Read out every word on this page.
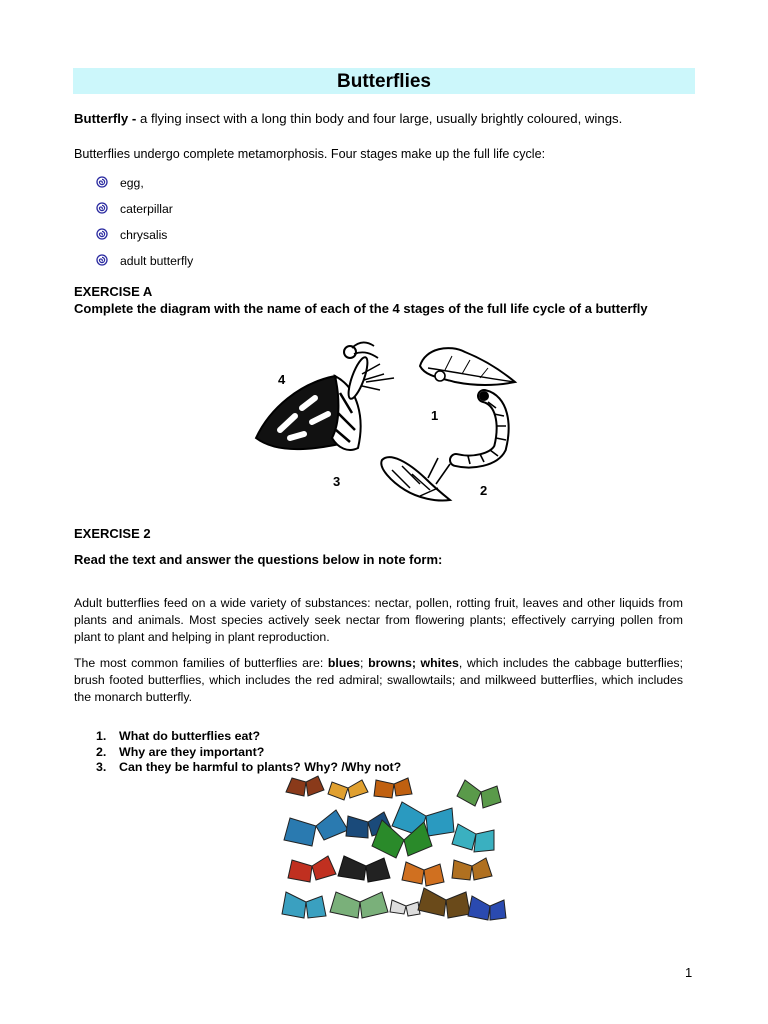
Butterflies
Butterfly - a flying insect with a long thin body and four large, usually brightly coloured, wings.
Butterflies undergo complete metamorphosis. Four stages make up the full life cycle:
egg,
caterpillar
chrysalis
adult butterfly
EXERCISE A
Complete the diagram with the name of each of the 4 stages of the full life cycle of a butterfly
4
1
2
3
EXERCISE 2
Read the text and answer the questions below in note form:

Adult butterflies feed on a wide variety of substances: nectar, pollen, rotting fruit, leaves and other liquids from plants and animals. Most species actively seek nectar from flowering plants; effectively carrying pollen from plant to plant and helping in plant reproduction.

The most common families of butterflies are: blues; browns; whites, which includes the cabbage butterflies; brush footed butterflies, which includes the red admiral; swallowtails; and milkweed butterflies, which includes the monarch butterfly.

1.	What do butterflies eat?
2.	Why are they important?
3.	Can they be harmful to plants? Why? /Why not?
1
